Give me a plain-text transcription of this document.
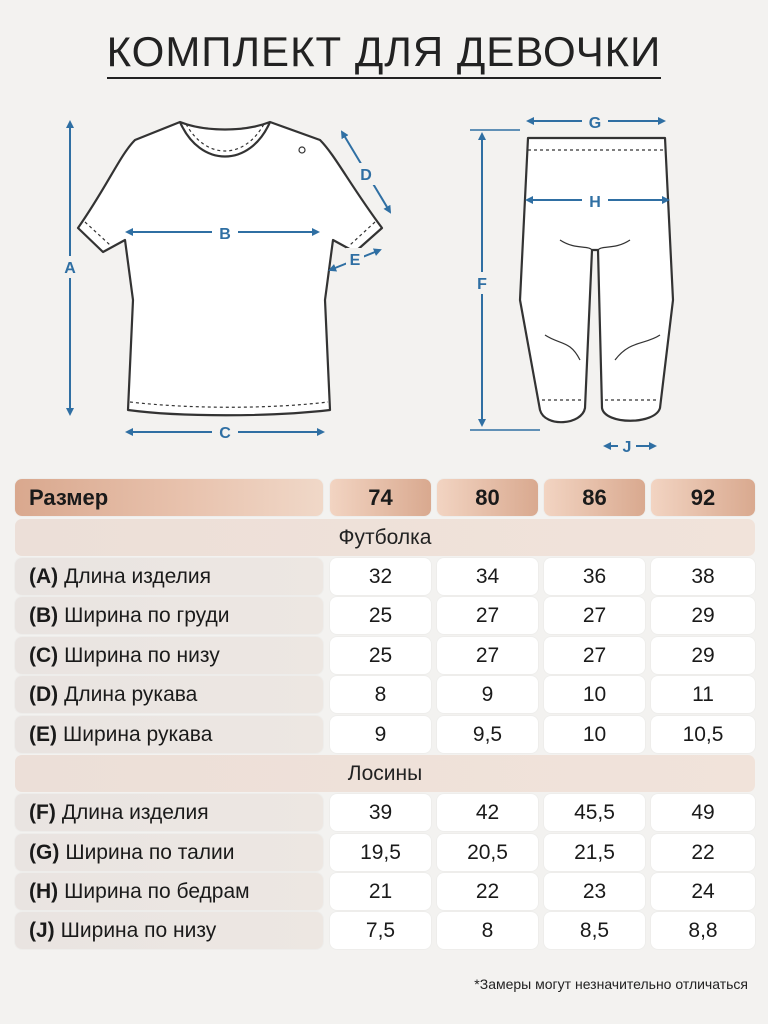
КОМПЛЕКТ ДЛЯ ДЕВОЧКИ
A
B
C
D
E
G
H
F
J
Размер	74	80	86	92
Футболка
(A) Длина изделия	32	34	36	38
(B) Ширина по груди	25	27	27	29
(C) Ширина по низу	25	27	27	29
(D) Длина рукава	8	9	10	11
(E) Ширина рукава	9	9,5	10	10,5
Лосины
(F) Длина изделия	39	42	45,5	49
(G) Ширина по талии	19,5	20,5	21,5	22
(H) Ширина по бедрам	21	22	23	24
(J) Ширина по низу	7,5	8	8,5	8,8
*Замеры могут незначительно отличаться
